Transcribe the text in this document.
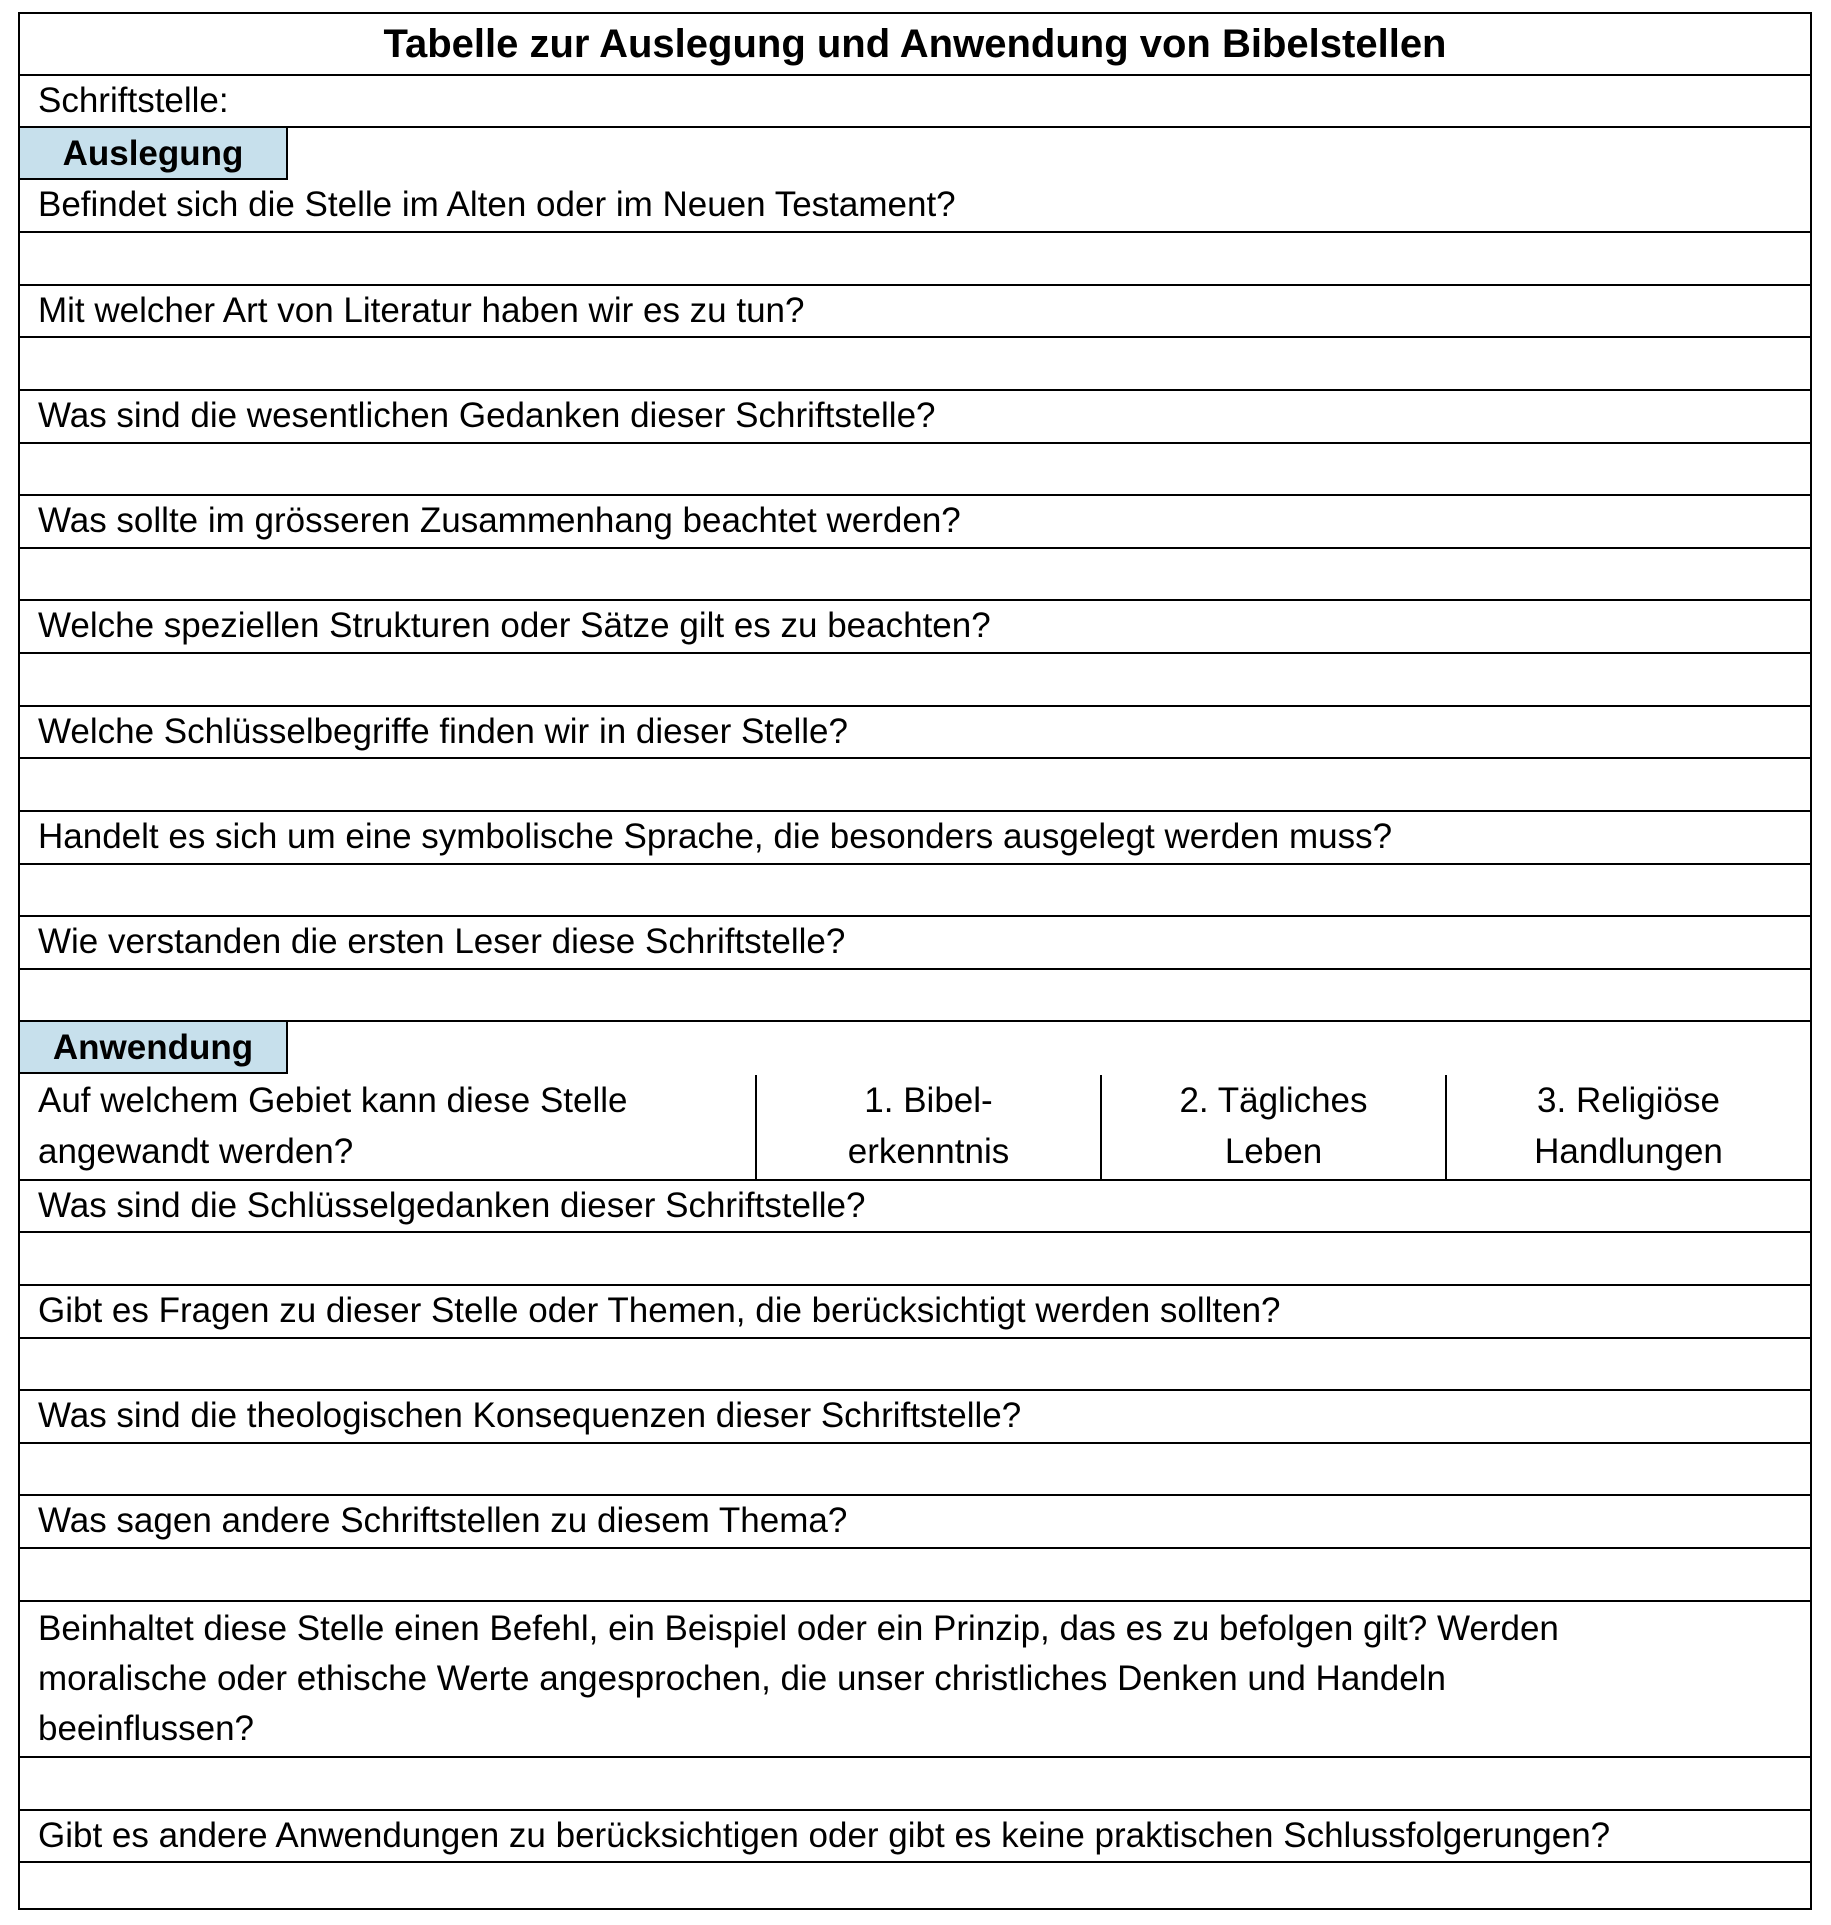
Tabelle zur Auslegung und Anwendung von Bibelstellen
Schriftstelle:
Auslegung
Befindet sich die Stelle im Alten oder im Neuen Testament?
Mit welcher Art von Literatur haben wir es zu tun?
Was sind die wesentlichen Gedanken dieser Schriftstelle?
Was sollte im grösseren Zusammenhang beachtet werden?
Welche speziellen Strukturen oder Sätze gilt es zu beachten?
Welche Schlüsselbegriffe finden wir in dieser Stelle?
Handelt es sich um eine symbolische Sprache, die besonders ausgelegt werden muss?
Wie verstanden die ersten Leser diese Schriftstelle?
Anwendung
Auf welchem Gebiet kann diese Stelle
angewandt werden?
1. Bibel-
erkenntnis
2. Tägliches
Leben
3. Religiöse
Handlungen
Was sind die Schlüsselgedanken dieser Schriftstelle?
Gibt es Fragen zu dieser Stelle oder Themen, die berücksichtigt werden sollten?
Was sind die theologischen Konsequenzen dieser Schriftstelle?
Was sagen andere Schriftstellen zu diesem Thema?
Beinhaltet diese Stelle einen Befehl, ein Beispiel oder ein Prinzip, das es zu befolgen gilt? Werden
moralische oder ethische Werte angesprochen, die unser christliches Denken und Handeln
beeinflussen?
Gibt es andere Anwendungen zu berücksichtigen oder gibt es keine praktischen Schlussfolgerungen?
